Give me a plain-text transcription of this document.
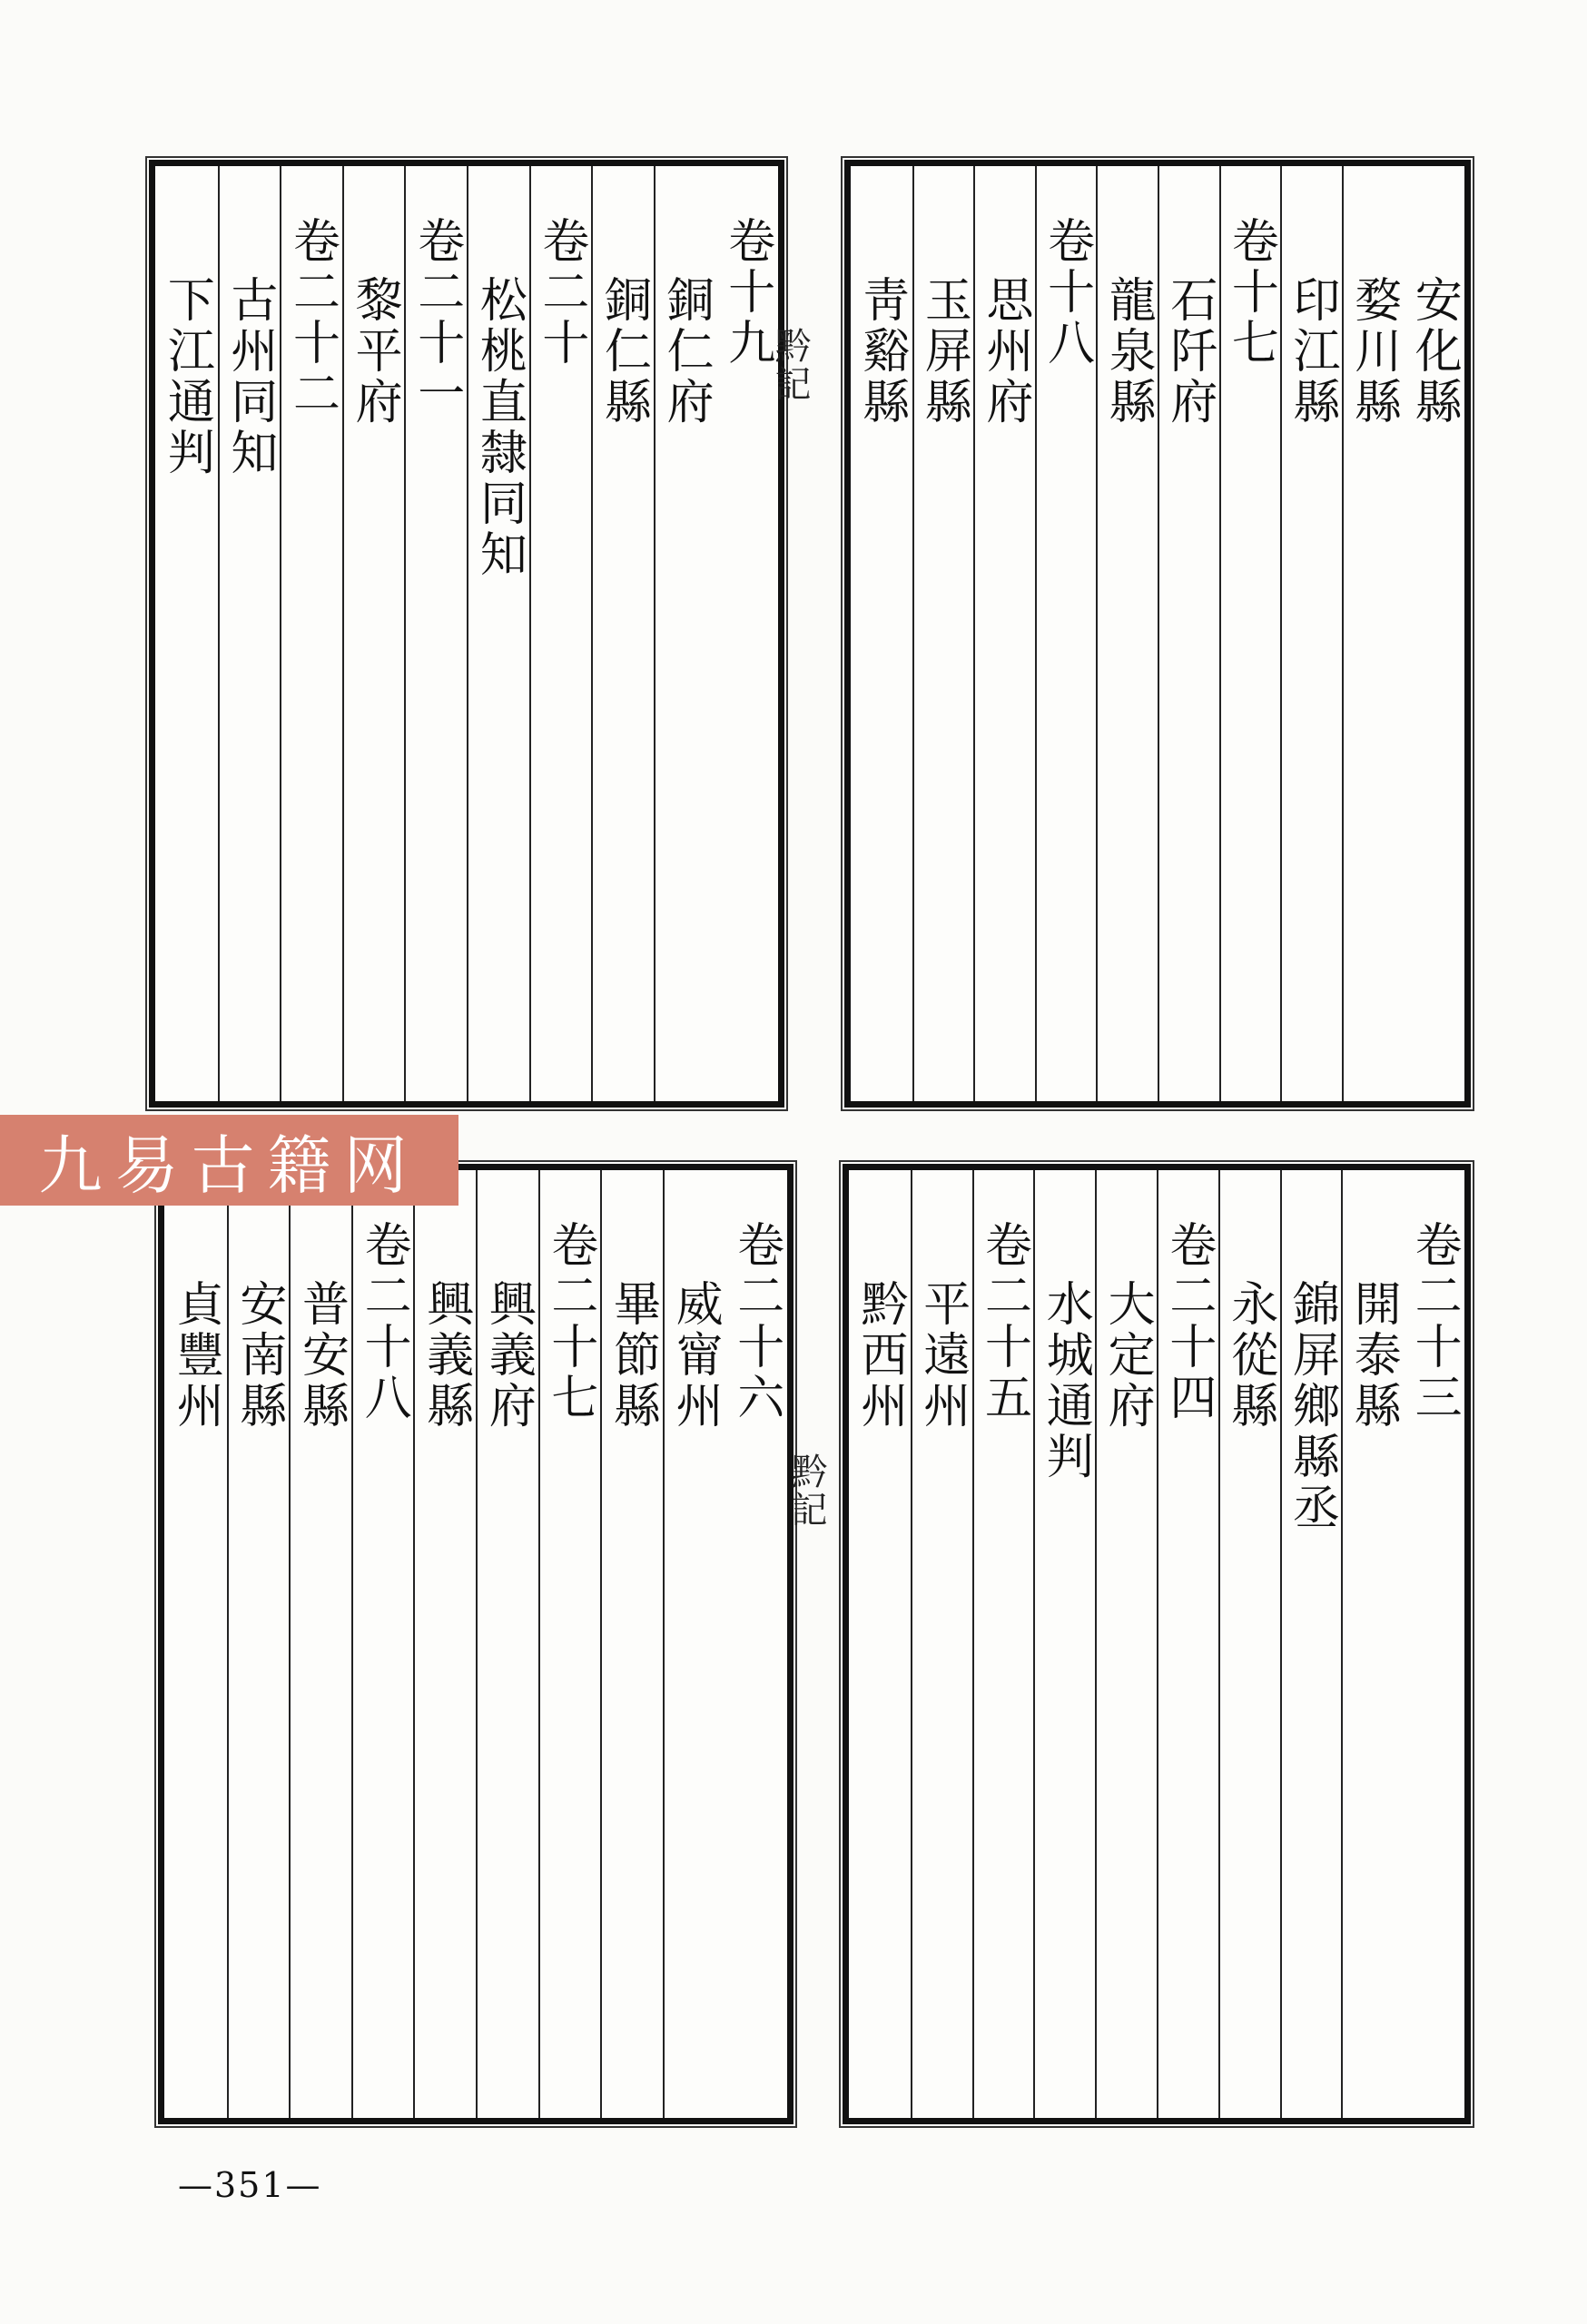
卷十九
銅仁府
銅仁縣
卷二十
松桃直隸同知
卷二十一
黎平府
卷二十二
古州同知
下江通判	安化縣
婺川縣
印江縣
卷十七
石阡府
龍泉縣
卷十八
思州府
玉屏縣
靑谿縣
卷二十六
威甯州
畢節縣
卷二十七
興義府
興義縣
卷二十八
普安縣
安南縣
貞豐州	卷二十三
開泰縣
錦屏鄉縣丞
永從縣
卷二十四
大定府
水城通判
卷二十五
平遠州
黔西州
黔記
黔記
九易古籍网
—351—
